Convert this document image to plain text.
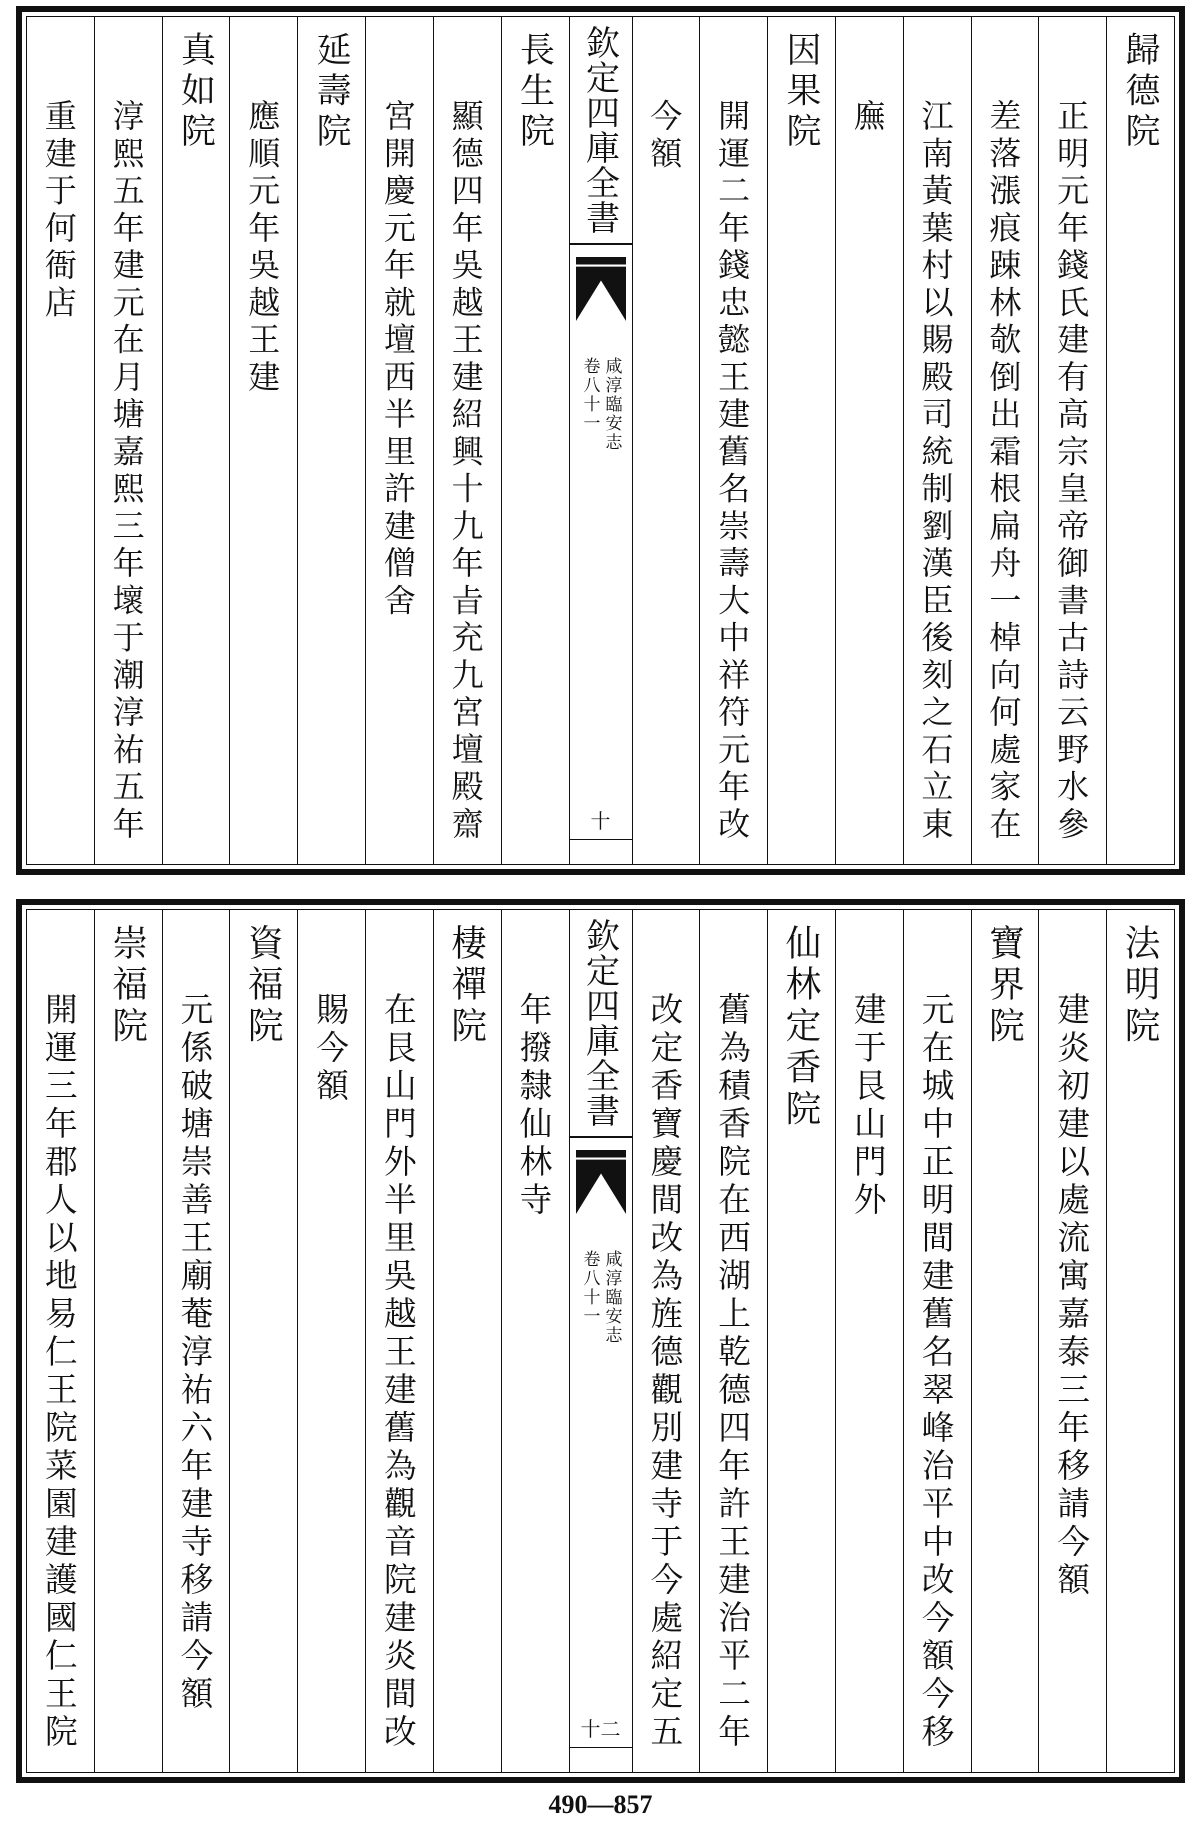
歸德院
正明元年錢氏建有高宗皇帝御書古詩云野水參
差落漲痕踈林欹倒出霜根扁舟一棹向何處家在
江南黃葉村以賜殿司統制劉漢臣後刻之石立東
廡
因果院
開運二年錢忠懿王建舊名崇壽大中祥符元年改
今額
欽定四庫全書
咸淳臨安志
卷八十一
十
長生院
顯德四年吳越王建紹興十九年㫖充九宮壇殿齋
宮開慶元年就壇西半里許建僧舍
延壽院
應順元年吳越王建
真如院
淳熙五年建元在月塘嘉熙三年壞于潮淳祐五年
重建于何衙店
法明院
建炎初建以處流寓嘉泰三年移請今額
寶界院
元在城中正明間建舊名翠峰治平中改今額今移
建于艮山門外
仙林定香院
舊為積香院在西湖上乾德四年許王建治平二年
改定香寶慶間改為旌德觀別建寺于今處紹定五
欽定四庫全書
咸淳臨安志
卷八十一
十二
年撥隸仙林寺
棲禪院
在艮山門外半里吳越王建舊為觀音院建炎間改
賜今額
資福院
元係破塘崇善王廟菴淳祐六年建寺移請今額
崇福院
開運三年郡人以地易仁王院菜園建護國仁王院
490—857
